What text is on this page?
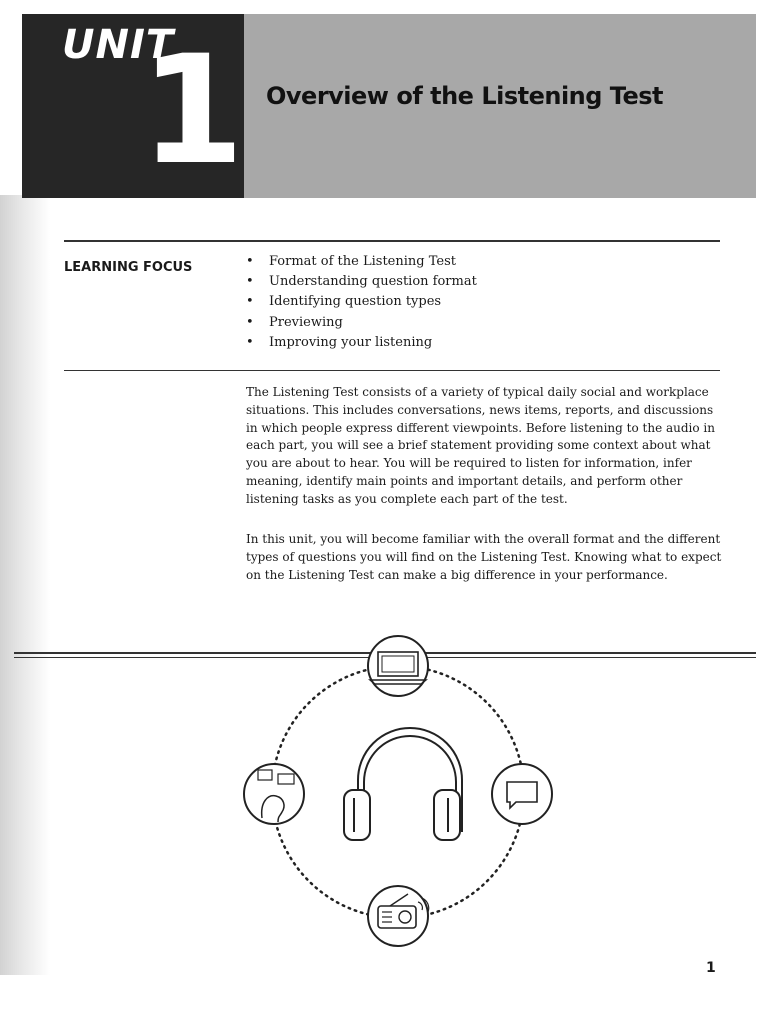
UNIT
1 Overview of the Listening Test
LEARNING FOCUS
•	Format of the Listening Test
• Understanding question format
• Identifying question types
• Previewing
• Improving your listening

The Listening Test consists of a variety of typical daily social and workplace situations. This includes conversations, news items, reports, and discussions in which people express different viewpoints. Before listening to the audio in each part, you will see a brief statement providing some context about what you are about to hear. You will be required to listen for information, infer meaning, identify main points and important details, and perform other listening tasks as you complete each part of the test.

In this unit, you will become familiar with the overall format and the different types of questions you will find on the Listening Test. Knowing what to expect on the Listening Test can make a big difference in your performance.

1
